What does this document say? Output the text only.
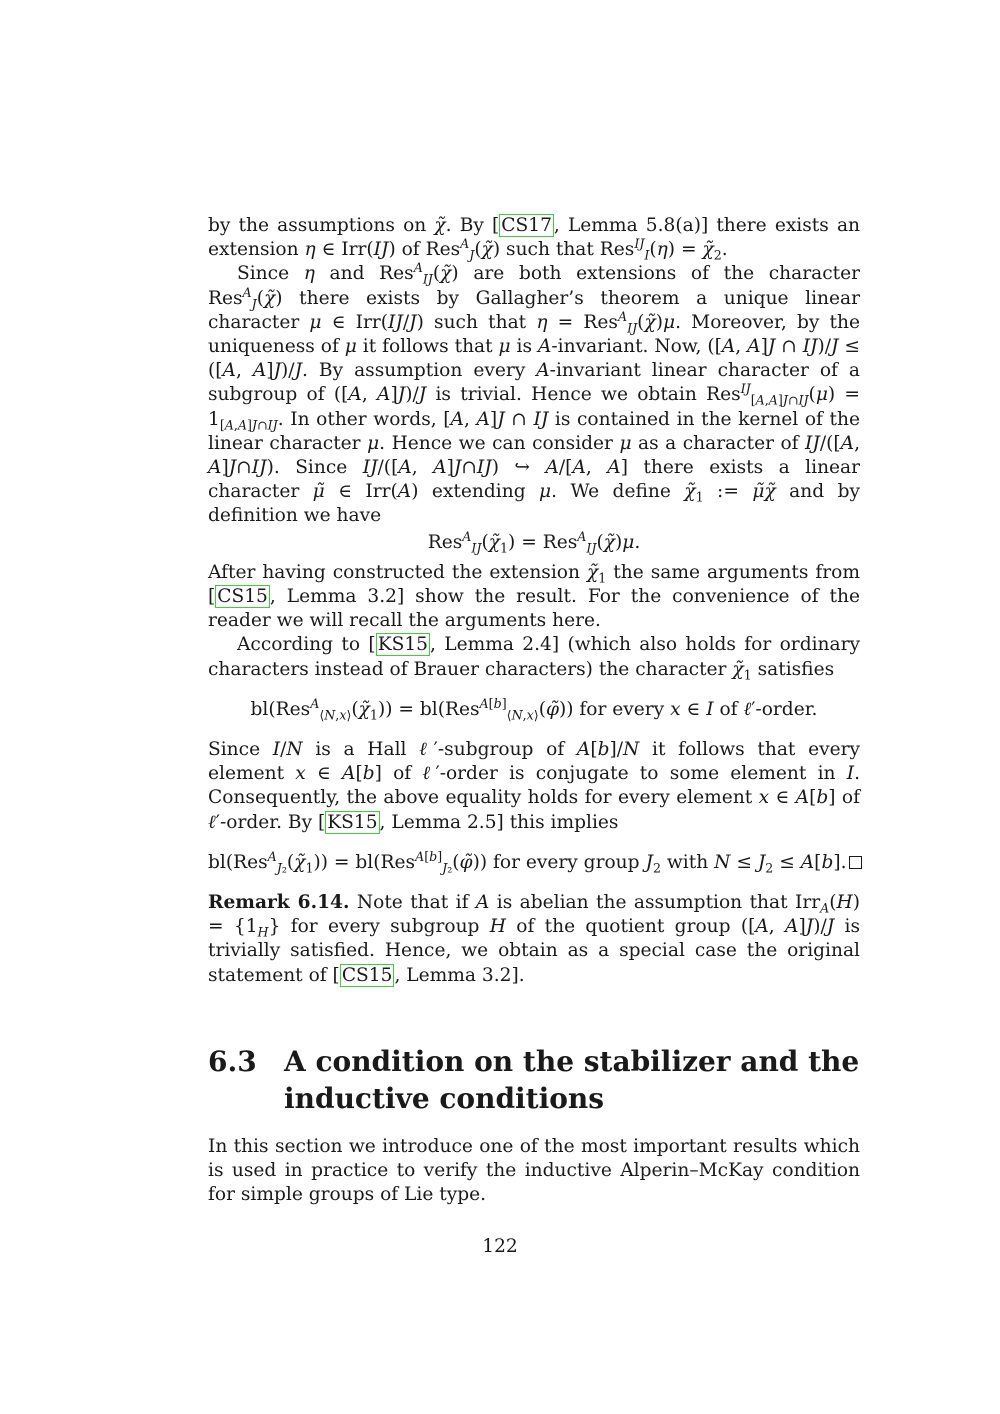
by the assumptions on χ̃. By [ CS17 , Lemma 5.8(a)] there exists an extension η ∈ Irr(IJ) of Res$^A_J$(χ̃) such that $Res^{IJ}_I(\eta) = \chĩ_2$.

Since η and Res$^A_{IJ}$(χ̃) are both extensions of the character Res$^A_J$(χ̃) there exists by Gallagher’s theorem a unique linear character μ ∈ Irr(IJ/J) such that η = Res$^A_{IJ}$(χ̃)μ. Moreover, by the uniqueness of μ it follows that μ is A-invariant. Now, ([A, A]J ∩ IJ)/J ≤ ([A, A]J)/J. By assumption every A-invariant linear character of a subgroup of ([A, A]J)/J is trivial. Hence we obtain $Res^{IJ}_{[A,A]J\cap IJ}(\mu) = 1_{[A,A]J\cap IJ}$. In other words, [A, A]J ∩ IJ is contained in the kernel of the linear character μ. Hence we can consider μ as a character of IJ/([A, A]J∩IJ). Since IJ/([A, A]J∩IJ) ↪ A/[A, A] there exists a linear character μ̃ ∈ Irr(A) extending μ. We define $\chĩ_1$ := μ̃χ̃ and by definition we have

$Res^A_{IJ}(\chĩ_1)$ = Res$^A_{IJ}$(χ̃)μ.

After having constructed the extension $\chĩ_1$ the same arguments from [ CS15 , Lemma 3.2] show the result. For the convenience of the reader we will recall the arguments here.

According to [ KS15 , Lemma 2.4] (which also holds for ordinary characters instead of Brauer characters) the character $\chĩ_1$ satisfies

$bl(Res^A_{⟨N,x⟩}(\chĩ_1))$ = bl(Res$^{A[b]}_{⟨N,x⟩}$(φ̃)) for every x ∈ I of ℓ′-order.

Since I/N is a Hall ℓ′-subgroup of A[b]/N it follows that every element x ∈ A[b] of ℓ′-order is conjugate to some element in I. Consequently, the above equality holds for every element x ∈ A[b] of ℓ′-order. By [ KS15 , Lemma 2.5] this implies

$bl(Res^A_{J_2}(\chĩ_1))$ = bl(Res$^{A[b]}_{J_2}$(φ̃)) for every group $J_2$ with $N \le J_2 \le A[b]$.

Remark 6.14. Note that if A is abelian the assumption that $Irr_A(H) = \{1_H\}$ for every subgroup H of the quotient group ([A, A]J)/J is trivially satisfied. Hence, we obtain as a special case the original statement of [ CS15 , Lemma 3.2].

6.3 A condition on the stabilizer and the inductive conditions

In this section we introduce one of the most important results which is used in practice to verify the inductive Alperin–McKay condition for simple groups of Lie type.

122
